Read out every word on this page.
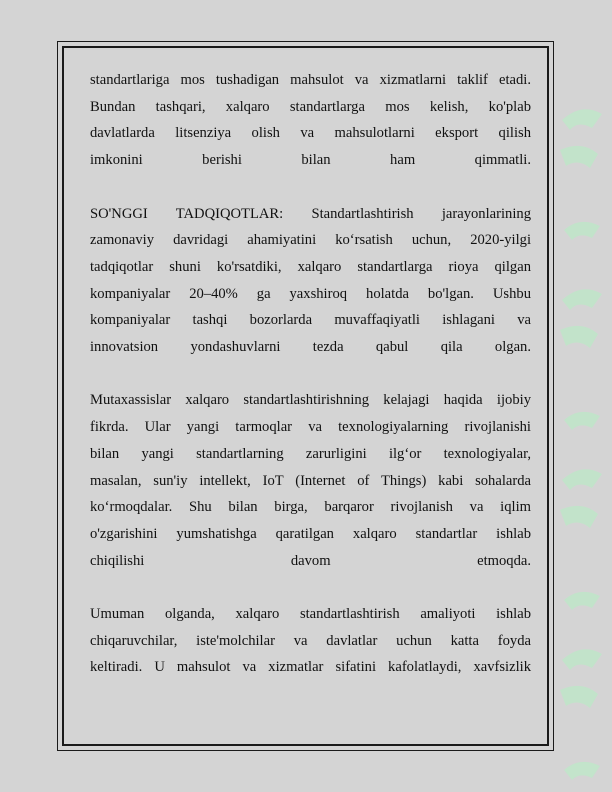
standartlariga mos tushadigan mahsulot va xizmatlarni taklif etadi.
Bundan tashqari, xalqaro standartlarga mos kelish, ko'plab
davlatlarda litsenziya olish va mahsulotlarni eksport qilish
imkonini berishi bilan ham qimmatli.
SO'NGGI TADQIQOTLAR: Standartlashtirish jarayonlarining
zamonaviy davridagi ahamiyatini ko‘rsatish uchun, 2020-yilgi
tadqiqotlar shuni ko'rsatdiki, xalqaro standartlarga rioya qilgan
kompaniyalar 20–40% ga yaxshiroq holatda bo'lgan. Ushbu
kompaniyalar tashqi bozorlarda muvaffaqiyatli ishlagani va
innovatsion yondashuvlarni tezda qabul qila olgan.
Mutaxassislar xalqaro standartlashtirishning kelajagi haqida ijobiy
fikrda. Ular yangi tarmoqlar va texnologiyalarning rivojlanishi
bilan yangi standartlarning zarurligini ilg‘or texnologiyalar,
masalan, sun'iy intellekt, IoT (Internet of Things) kabi sohalarda
ko‘rmoqdalar. Shu bilan birga, barqaror rivojlanish va iqlim
o'zgarishini yumshatishga qaratilgan xalqaro standartlar ishlab
chiqilishi davom etmoqda.
Umuman olganda, xalqaro standartlashtirish amaliyoti ishlab
chiqaruvchilar, iste'molchilar va davlatlar uchun katta foyda
keltiradi. U mahsulot va xizmatlar sifatini kafolatlaydi, xavfsizlik
